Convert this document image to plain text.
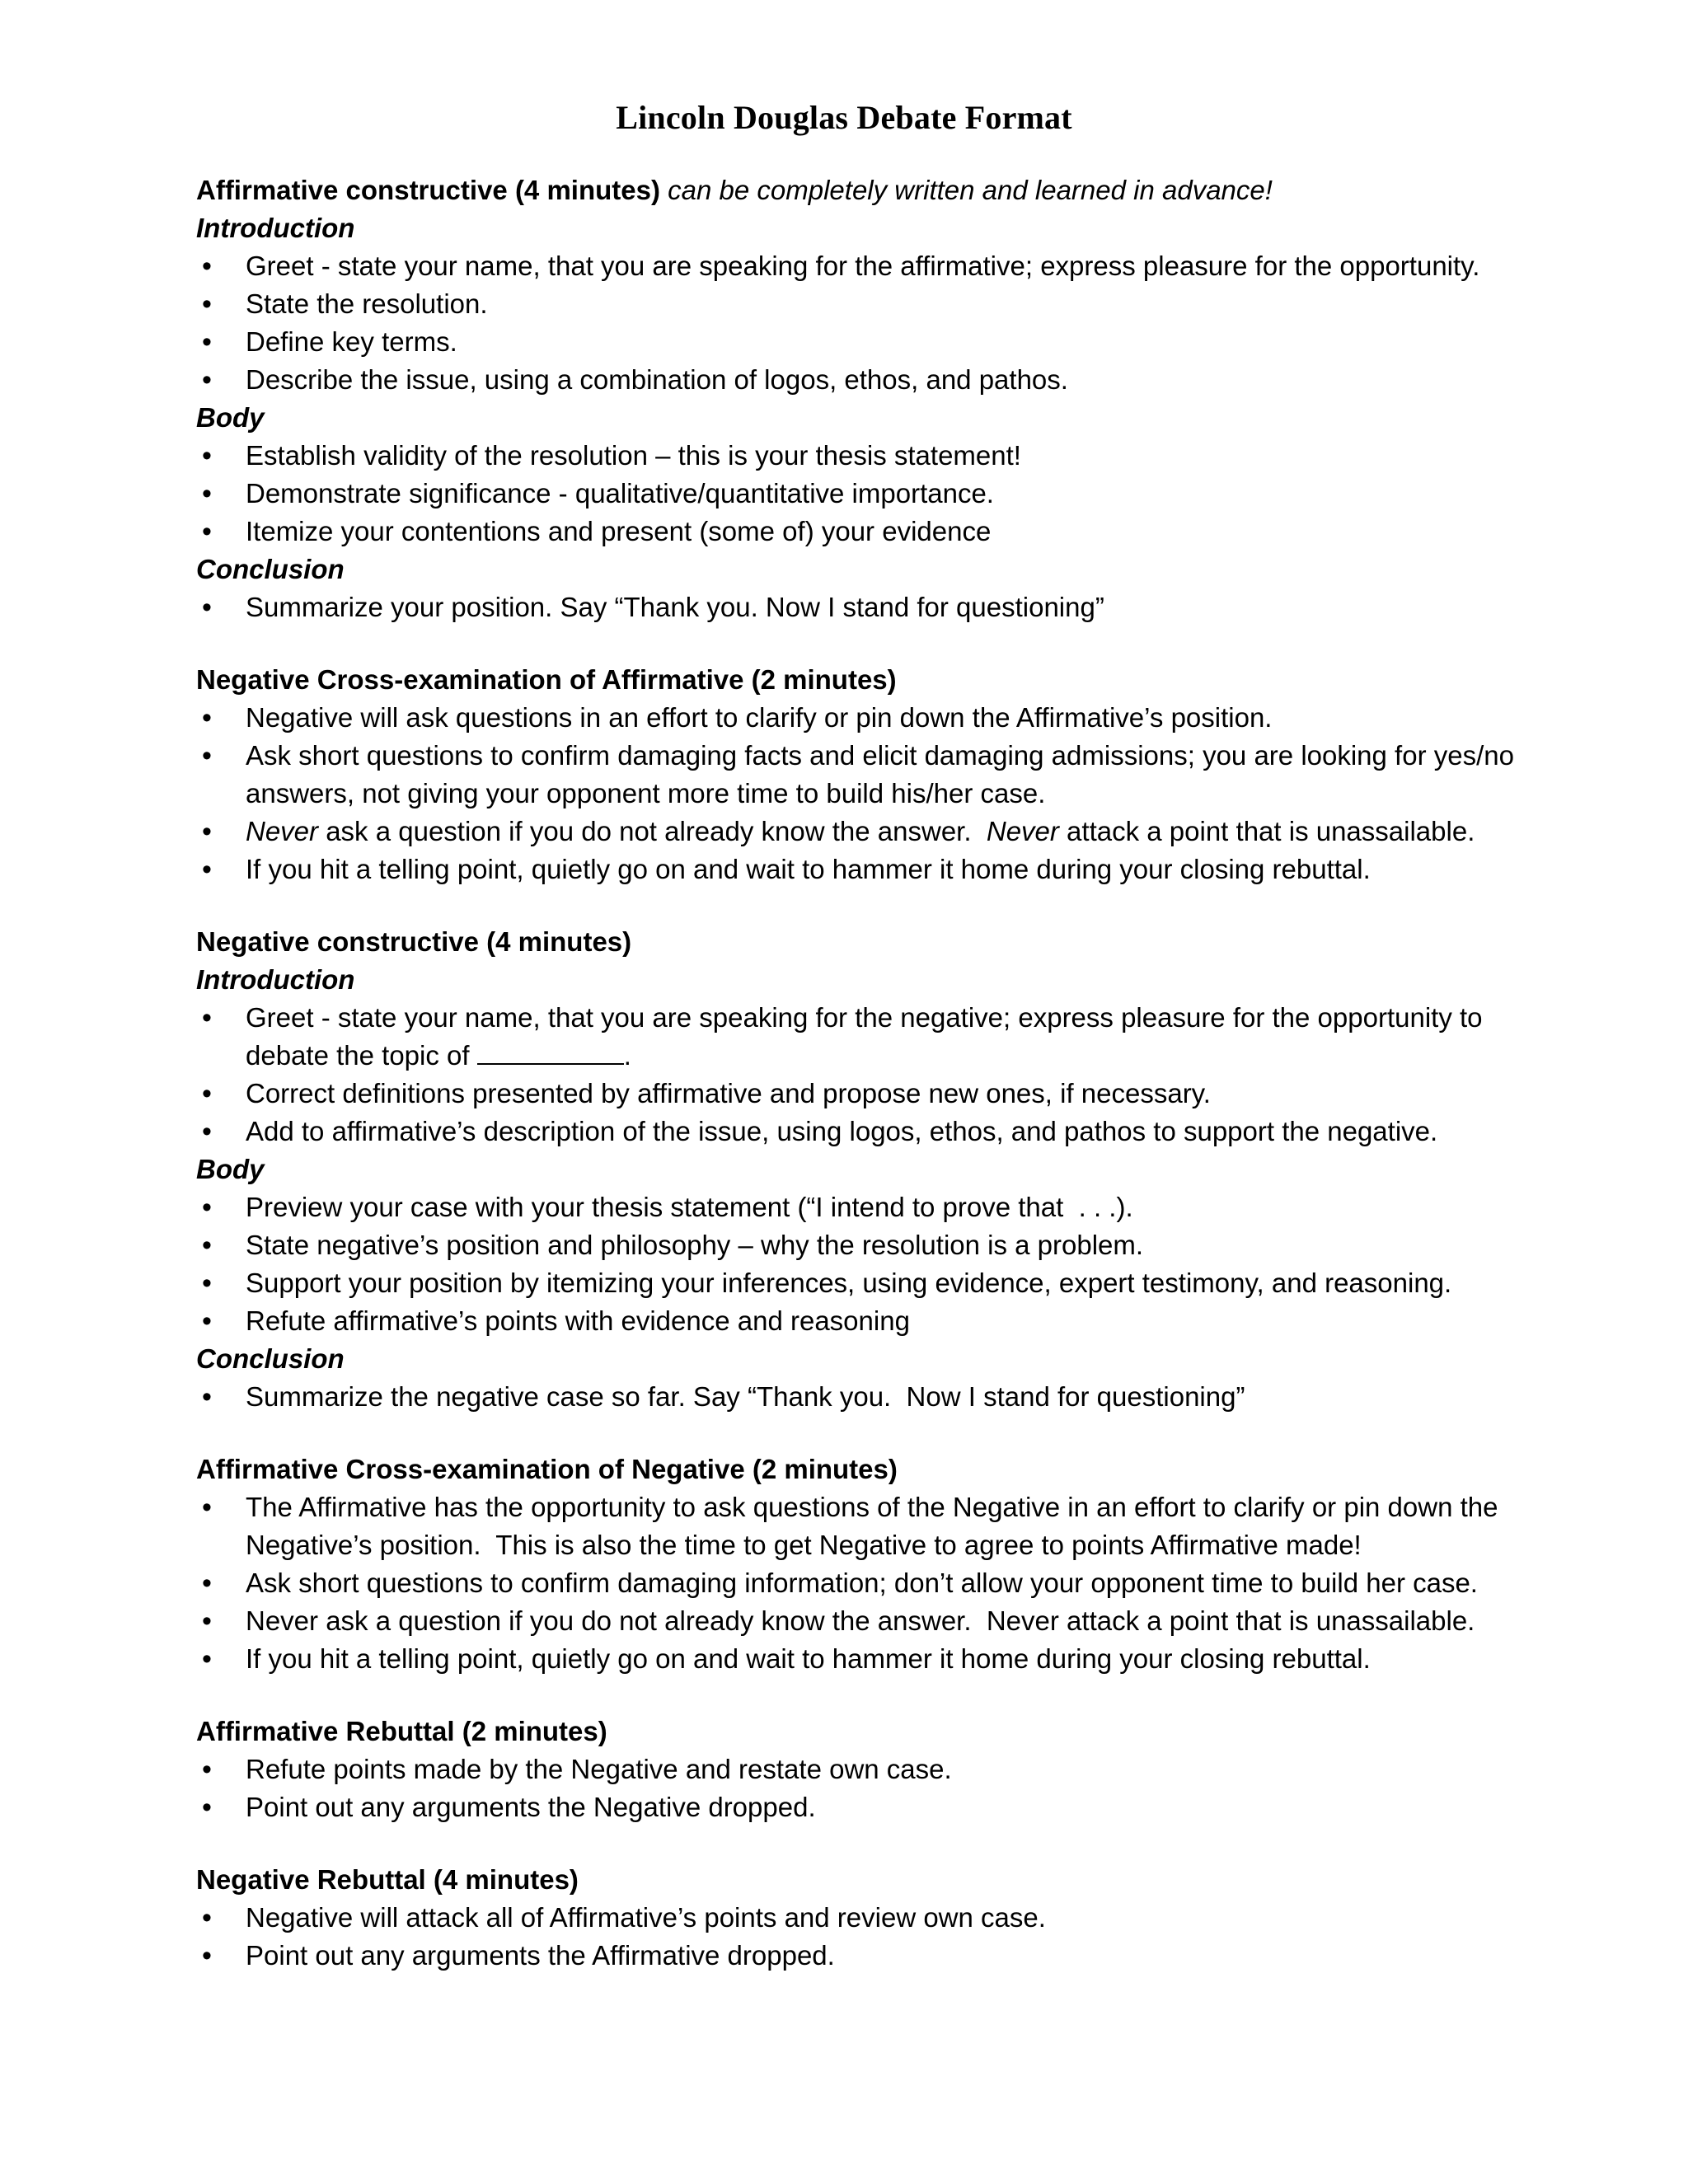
Lincoln Douglas Debate Format
Affirmative constructive (4 minutes) can be completely written and learned in advance!
Introduction
•
Greet - state your name, that you are speaking for the affirmative; express pleasure for the opportunity.
•
State the resolution.
•
Define key terms.
•
Describe the issue, using a combination of logos, ethos, and pathos.
Body
•
Establish validity of the resolution – this is your thesis statement!
•
Demonstrate significance - qualitative/quantitative importance.
•
Itemize your contentions and present (some of) your evidence
Conclusion
•
Summarize your position. Say “Thank you. Now I stand for questioning”
Negative Cross-examination of Affirmative (2 minutes)
•
Negative will ask questions in an effort to clarify or pin down the Affirmative’s position.
•
Ask short questions to confirm damaging facts and elicit damaging admissions; you are looking for yes/no answers, not giving your opponent more time to build his/her case.
•
Never ask a question if you do not already know the answer.  Never attack a point that is unassailable.
•
If you hit a telling point, quietly go on and wait to hammer it home during your closing rebuttal.
Negative constructive (4 minutes)
Introduction
•
Greet - state your name, that you are speaking for the negative; express pleasure for the opportunity to debate the topic of	.
•
Correct definitions presented by affirmative and propose new ones, if necessary.
•
Add to affirmative’s description of the issue, using logos, ethos, and pathos to support the negative.
Body
•
Preview your case with your thesis statement (“I intend to prove that  . . .).
•
State negative’s position and philosophy – why the resolution is a problem.
•
Support your position by itemizing your inferences, using evidence, expert testimony, and reasoning.
•
Refute affirmative’s points with evidence and reasoning
Conclusion
•
Summarize the negative case so far. Say “Thank you.  Now I stand for questioning”
Affirmative Cross-examination of Negative (2 minutes)
•
The Affirmative has the opportunity to ask questions of the Negative in an effort to clarify or pin down the Negative’s position.  This is also the time to get Negative to agree to points Affirmative made!
•
Ask short questions to confirm damaging information; don’t allow your opponent time to build her case.
•
Never ask a question if you do not already know the answer.  Never attack a point that is unassailable.
•
If you hit a telling point, quietly go on and wait to hammer it home during your closing rebuttal.
Affirmative Rebuttal (2 minutes)
•
Refute points made by the Negative and restate own case.
•
Point out any arguments the Negative dropped.
Negative Rebuttal (4 minutes)
•
Negative will attack all of Affirmative’s points and review own case.
•
Point out any arguments the Affirmative dropped.
